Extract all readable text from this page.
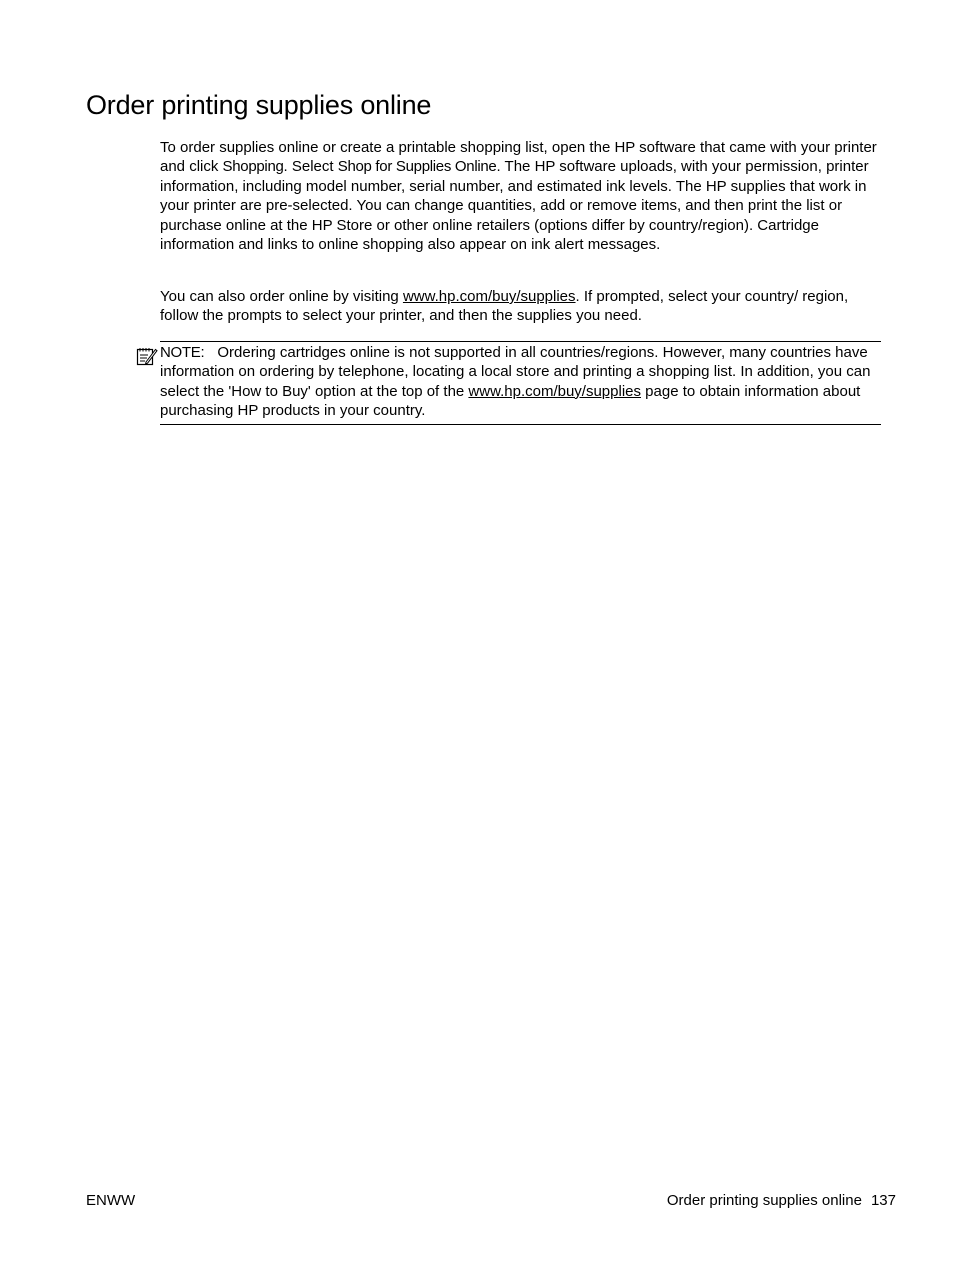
Order printing supplies online

To order supplies online or create a printable shopping list, open the HP software that came with your printer and click Shopping. Select Shop for Supplies Online. The HP software uploads, with your permission, printer information, including model number, serial number, and estimated ink levels. The HP supplies that work in your printer are pre-selected. You can change quantities, add or remove items, and then print the list or purchase online at the HP Store or other online retailers (options differ by country/region). Cartridge information and links to online shopping also appear on ink alert messages.

You can also order online by visiting www.hp.com/buy/supplies. If prompted, select your country/ region, follow the prompts to select your printer, and then the supplies you need.

NOTE: Ordering cartridges online is not supported in all countries/regions. However, many countries have information on ordering by telephone, locating a local store and printing a shopping list. In addition, you can select the 'How to Buy' option at the top of the www.hp.com/buy/supplies page to obtain information about purchasing HP products in your country.
ENWW	Order printing supplies online 137
